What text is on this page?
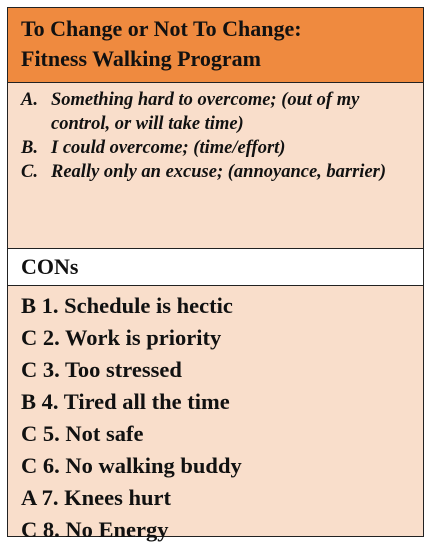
To Change or Not To Change:
Fitness Walking Program
A. Something hard to overcome; (out of my control, or will take time)
B. I could overcome; (time/effort)
C. Really only an excuse; (annoyance, barrier)
CONs
B 1. Schedule is hectic
C 2. Work is priority
C 3. Too stressed
B 4. Tired all the time
C 5. Not safe
C 6. No walking buddy
A 7. Knees hurt
C 8. No Energy
